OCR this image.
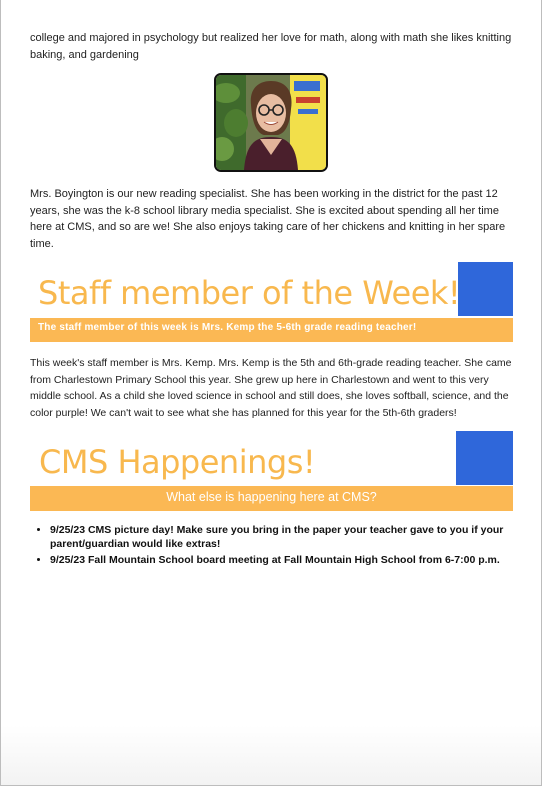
college and majored in psychology but realized her love for math, along with math she likes knitting baking, and gardening

Mrs. Boyington is our new reading specialist. She has been working in the district for the past 12 years, she was the k-8 school library media specialist. She is excited about spending all her time here at CMS, and so are we! She also enjoys taking care of her chickens and knitting in her spare time.

Staff member of the Week!
The staff member of this week is Mrs. Kemp the 5-6th grade reading teacher!

This week's staff member is Mrs. Kemp. Mrs. Kemp is the 5th and 6th-grade reading teacher. She came from Charlestown Primary School this year. She grew up here in Charlestown and went to this very middle school. As a child she loved science in school and still does, she loves softball, science, and the color purple! We can't wait to see what she has planned for this year for the 5th-6th graders!

CMS Happenings!
What else is happening here at CMS?
• 9/25/23 CMS picture day! Make sure you bring in the paper your teacher gave to you if your parent/guardian would like extras!
• 9/25/23 Fall Mountain School board meeting at Fall Mountain High School from 6-7:00 p.m.
